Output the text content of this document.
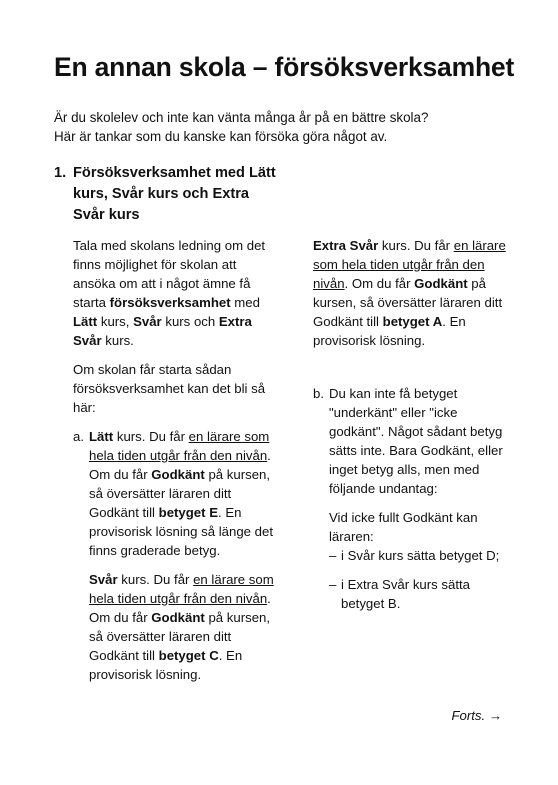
En annan skola – försöksverksamhet

Är du skolelev och inte kan vänta många år på en bättre skola?

Här är tankar som du kanske kan försöka göra något av.

1. Försöksverksamhet med Lätt kurs, Svår kurs och Extra Svår kurs

Tala med skolans ledning om det finns möjlighet för skolan att ansöka om att i något ämne få starta försöksverksamhet med Lätt kurs, Svår kurs och Extra Svår kurs.

Om skolan får starta sådan försöksverksamhet kan det bli så här:

a. Lätt kurs. Du får en lärare som hela tiden utgår från den nivån. Om du får Godkänt på kursen, så översätter läraren ditt Godkänt till betyget E. En provisorisk lösning så länge det finns graderade betyg.

Svår kurs. Du får en lärare som hela tiden utgår från den nivån. Om du får Godkänt på kursen, så översätter läraren ditt Godkänt till betyget C. En provisorisk lösning.

Extra Svår kurs. Du får en lärare som hela tiden utgår från den nivån. Om du får Godkänt på kursen, så översätter läraren ditt Godkänt till betyget A. En provisorisk lösning.

b. Du kan inte få betyget "underkänt" eller "icke godkänt". Något sådant betyg sätts inte. Bara Godkänt, eller inget betyg alls, men med följande undantag:

Vid icke fullt Godkänt kan läraren:

– i Svår kurs sätta betyget D;

– i Extra Svår kurs sätta betyget B.

Forts. →
